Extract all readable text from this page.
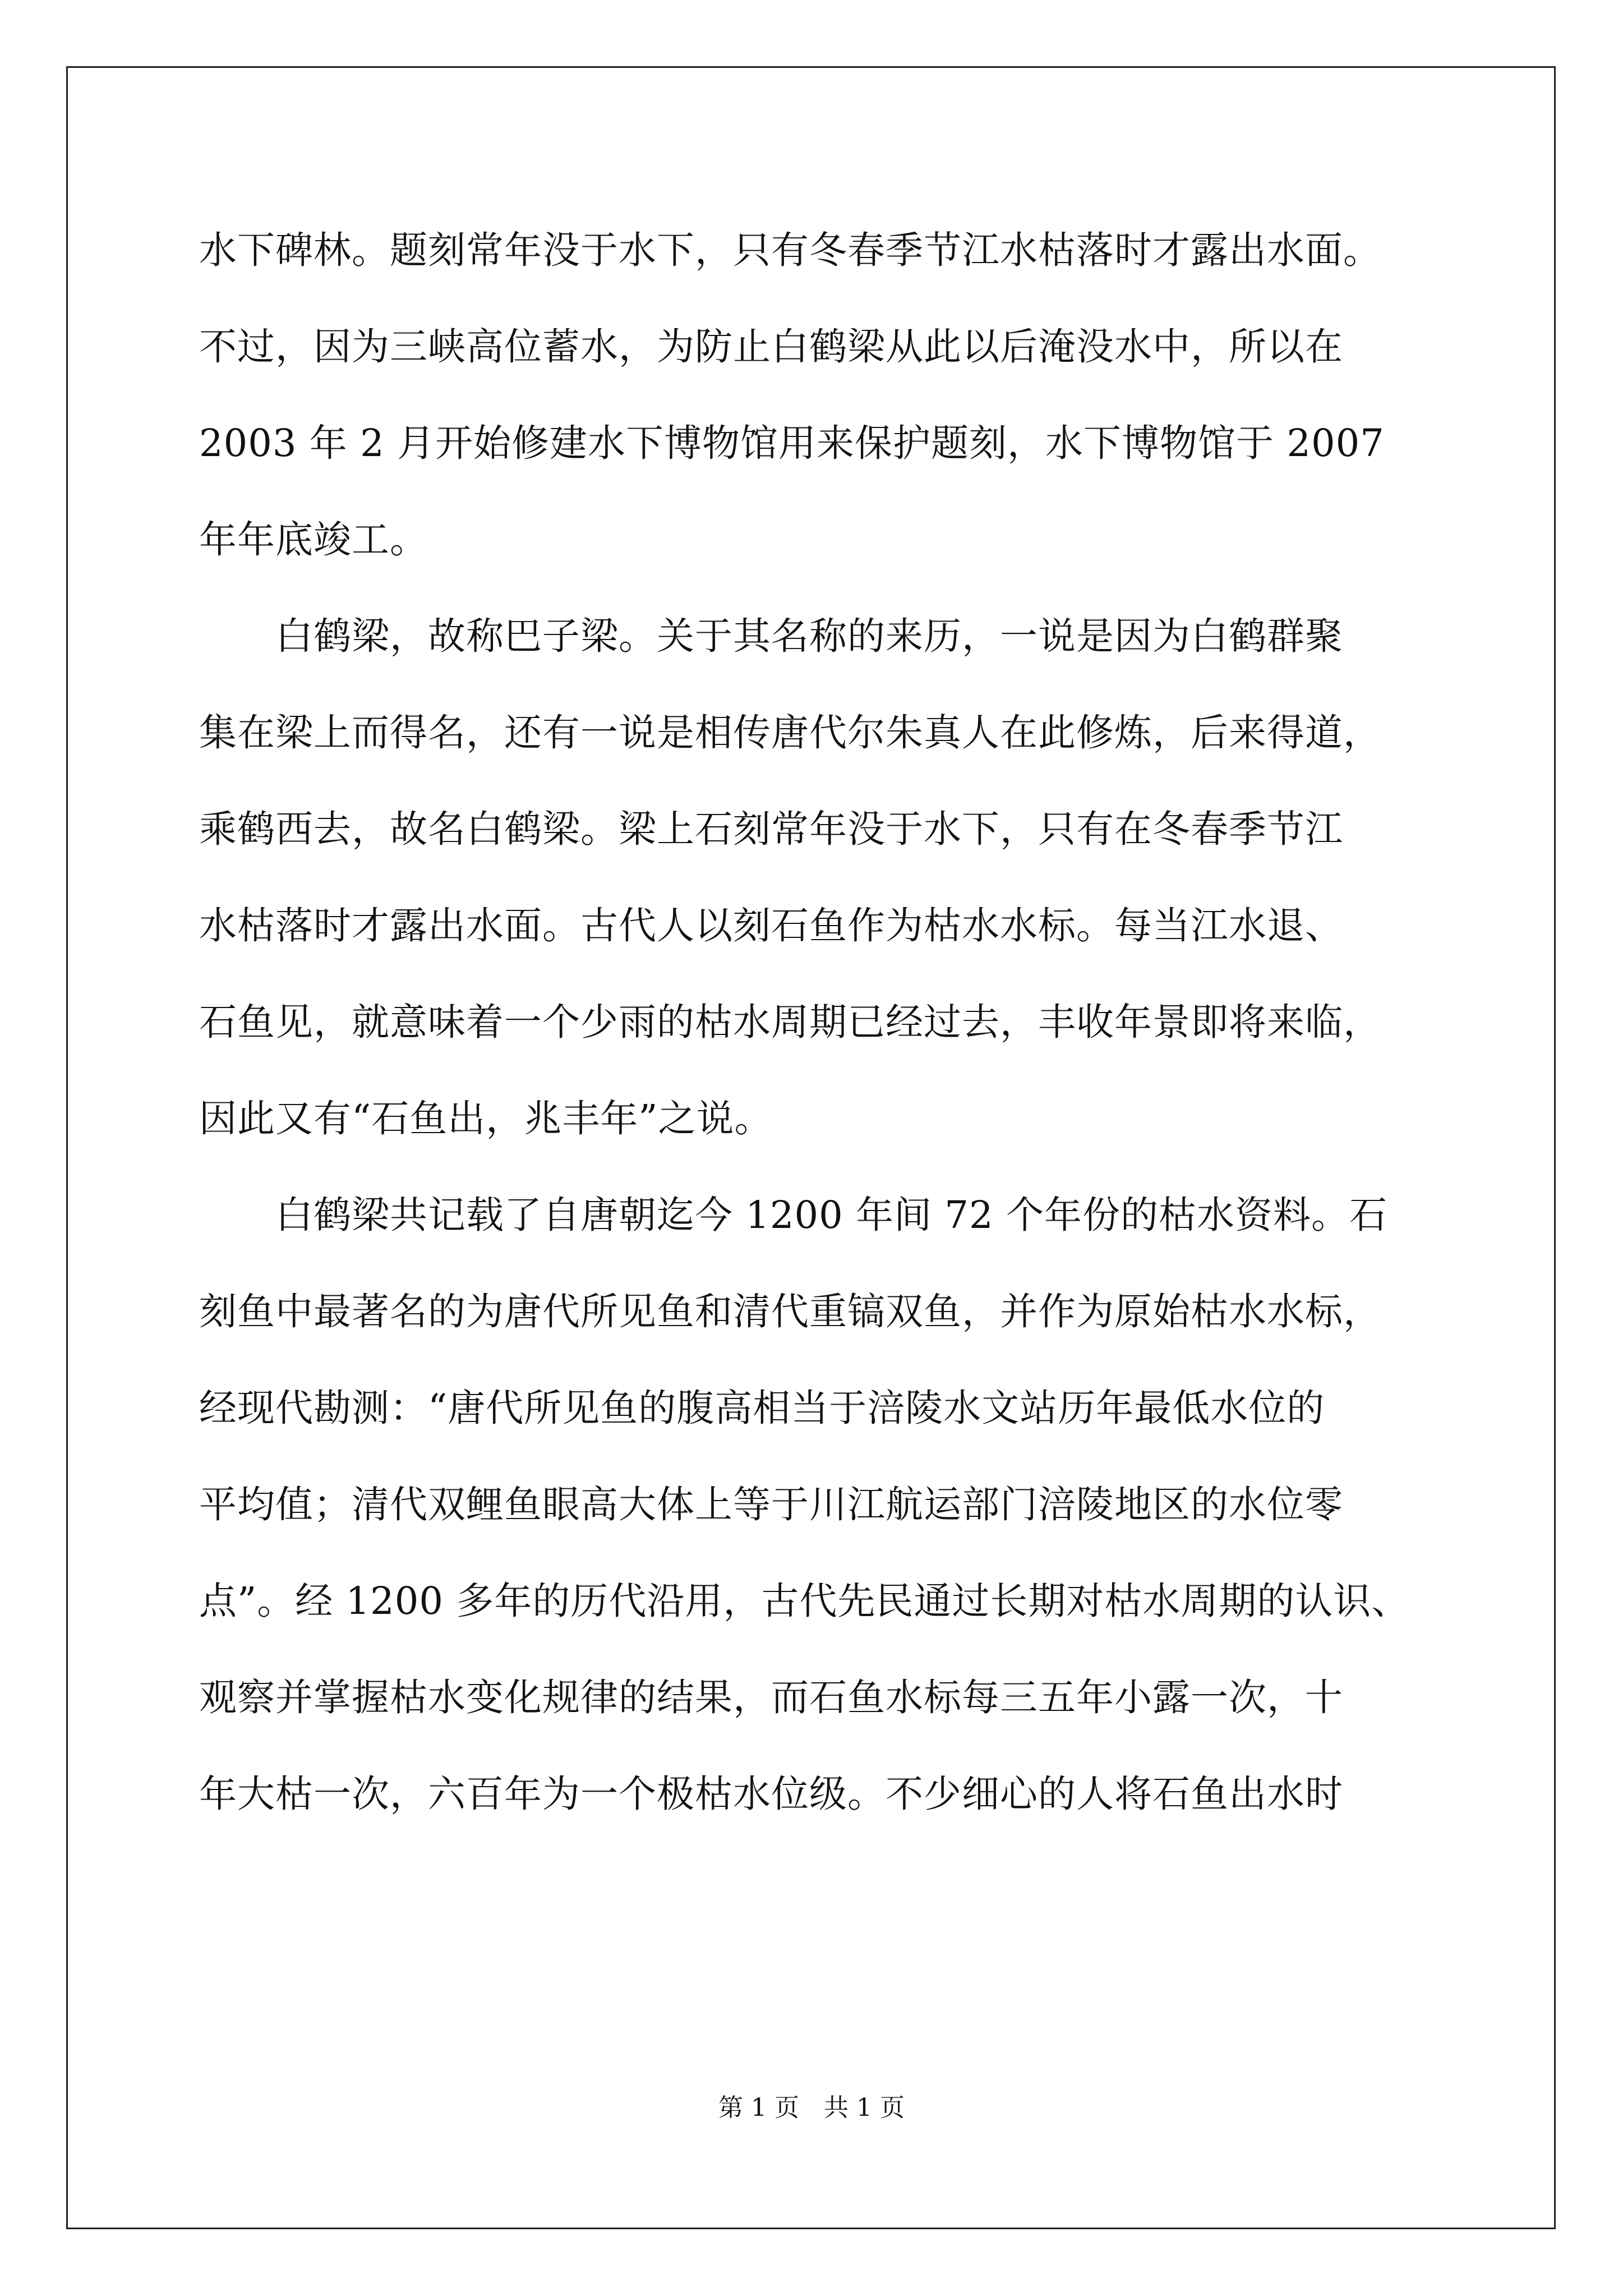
水下碑林。题刻常年没于水下，只有冬春季节江水枯落时才露出水面。
不过，因为三峡高位蓄水，为防止白鹤梁从此以后淹没水中，所以在
2003 年 2 月开始修建水下博物馆用来保护题刻，水下博物馆于 2007
年年底竣工。
白鹤梁，故称巴子梁。关于其名称的来历，一说是因为白鹤群聚
集在梁上而得名，还有一说是相传唐代尔朱真人在此修炼，后来得道，
乘鹤西去，故名白鹤梁。梁上石刻常年没于水下，只有在冬春季节江
水枯落时才露出水面。古代人以刻石鱼作为枯水水标。每当江水退、
石鱼见，就意味着一个少雨的枯水周期已经过去，丰收年景即将来临，
因此又有“石鱼出，兆丰年”之说。
白鹤梁共记载了自唐朝迄今 1200 年间 72 个年份的枯水资料。石
刻鱼中最著名的为唐代所见鱼和清代重镐双鱼，并作为原始枯水水标，
经现代勘测：“唐代所见鱼的腹高相当于涪陵水文站历年最低水位的
平均值；清代双鲤鱼眼高大体上等于川江航运部门涪陵地区的水位零
点”。经 1200 多年的历代沿用，古代先民通过长期对枯水周期的认识、
观察并掌握枯水变化规律的结果，而石鱼水标每三五年小露一次，十
年大枯一次，六百年为一个极枯水位级。不少细心的人将石鱼出水时
第 1 页　共 1 页
